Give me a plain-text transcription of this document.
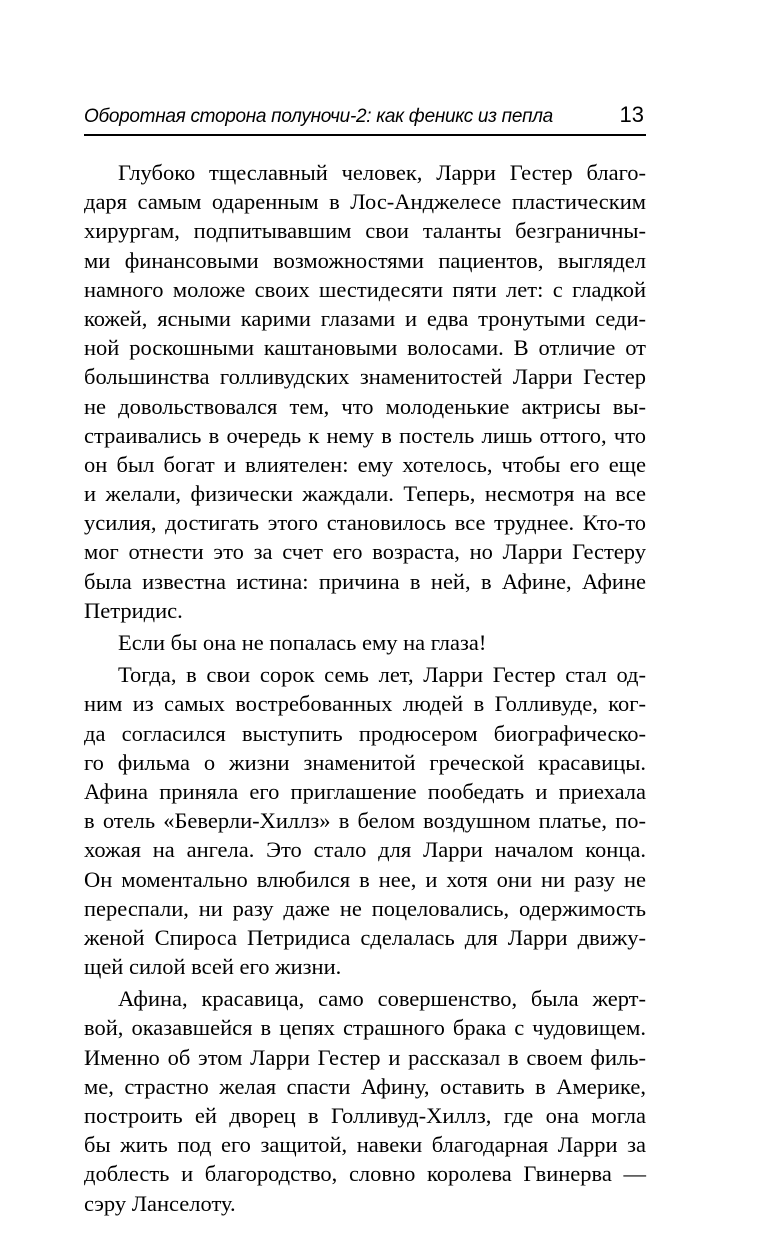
Оборотная сторона полуночи-2: как феникс из пепла	13
Глубоко тщеславный человек, Ларри Гестер благо-
даря самым одаренным в Лос-Анджелесе пластическим
хирургам, подпитывавшим свои таланты безграничны-
ми финансовыми возможностями пациентов, выглядел
намного моложе своих шестидесяти пяти лет: с гладкой
кожей, ясными карими глазами и едва тронутыми седи-
ной роскошными каштановыми волосами. В отличие от
большинства голливудских знаменитостей Ларри Гестер
не довольствовался тем, что молоденькие актрисы вы-
страивались в очередь к нему в постель лишь оттого, что
он был богат и влиятелен: ему хотелось, чтобы его еще
и желали, физически жаждали. Теперь, несмотря на все
усилия, достигать этого становилось все труднее. Кто-то
мог отнести это за счет его возраста, но Ларри Гестеру
была известна истина: причина в ней, в Афине, Афине
Петридис.
Если бы она не попалась ему на глаза!
Тогда, в свои сорок семь лет, Ларри Гестер стал од-
ним из самых востребованных людей в Голливуде, ког-
да согласился выступить продюсером биографическо-
го фильма о жизни знаменитой греческой красавицы.
Афина приняла его приглашение пообедать и приехала
в отель «Беверли-Хиллз» в белом воздушном платье, по-
хожая на ангела. Это стало для Ларри началом конца.
Он моментально влюбился в нее, и хотя они ни разу не
переспали, ни разу даже не поцеловались, одержимость
женой Спироса Петридиса сделалась для Ларри движу-
щей силой всей его жизни.
Афина, красавица, само совершенство, была жерт-
вой, оказавшейся в цепях страшного брака с чудовищем.
Именно об этом Ларри Гестер и рассказал в своем филь-
ме, страстно желая спасти Афину, оставить в Америке,
построить ей дворец в Голливуд-Хиллз, где она могла
бы жить под его защитой, навеки благодарная Ларри за
доблесть и благородство, словно королева Гвинерва —
сэру Ланселоту.
